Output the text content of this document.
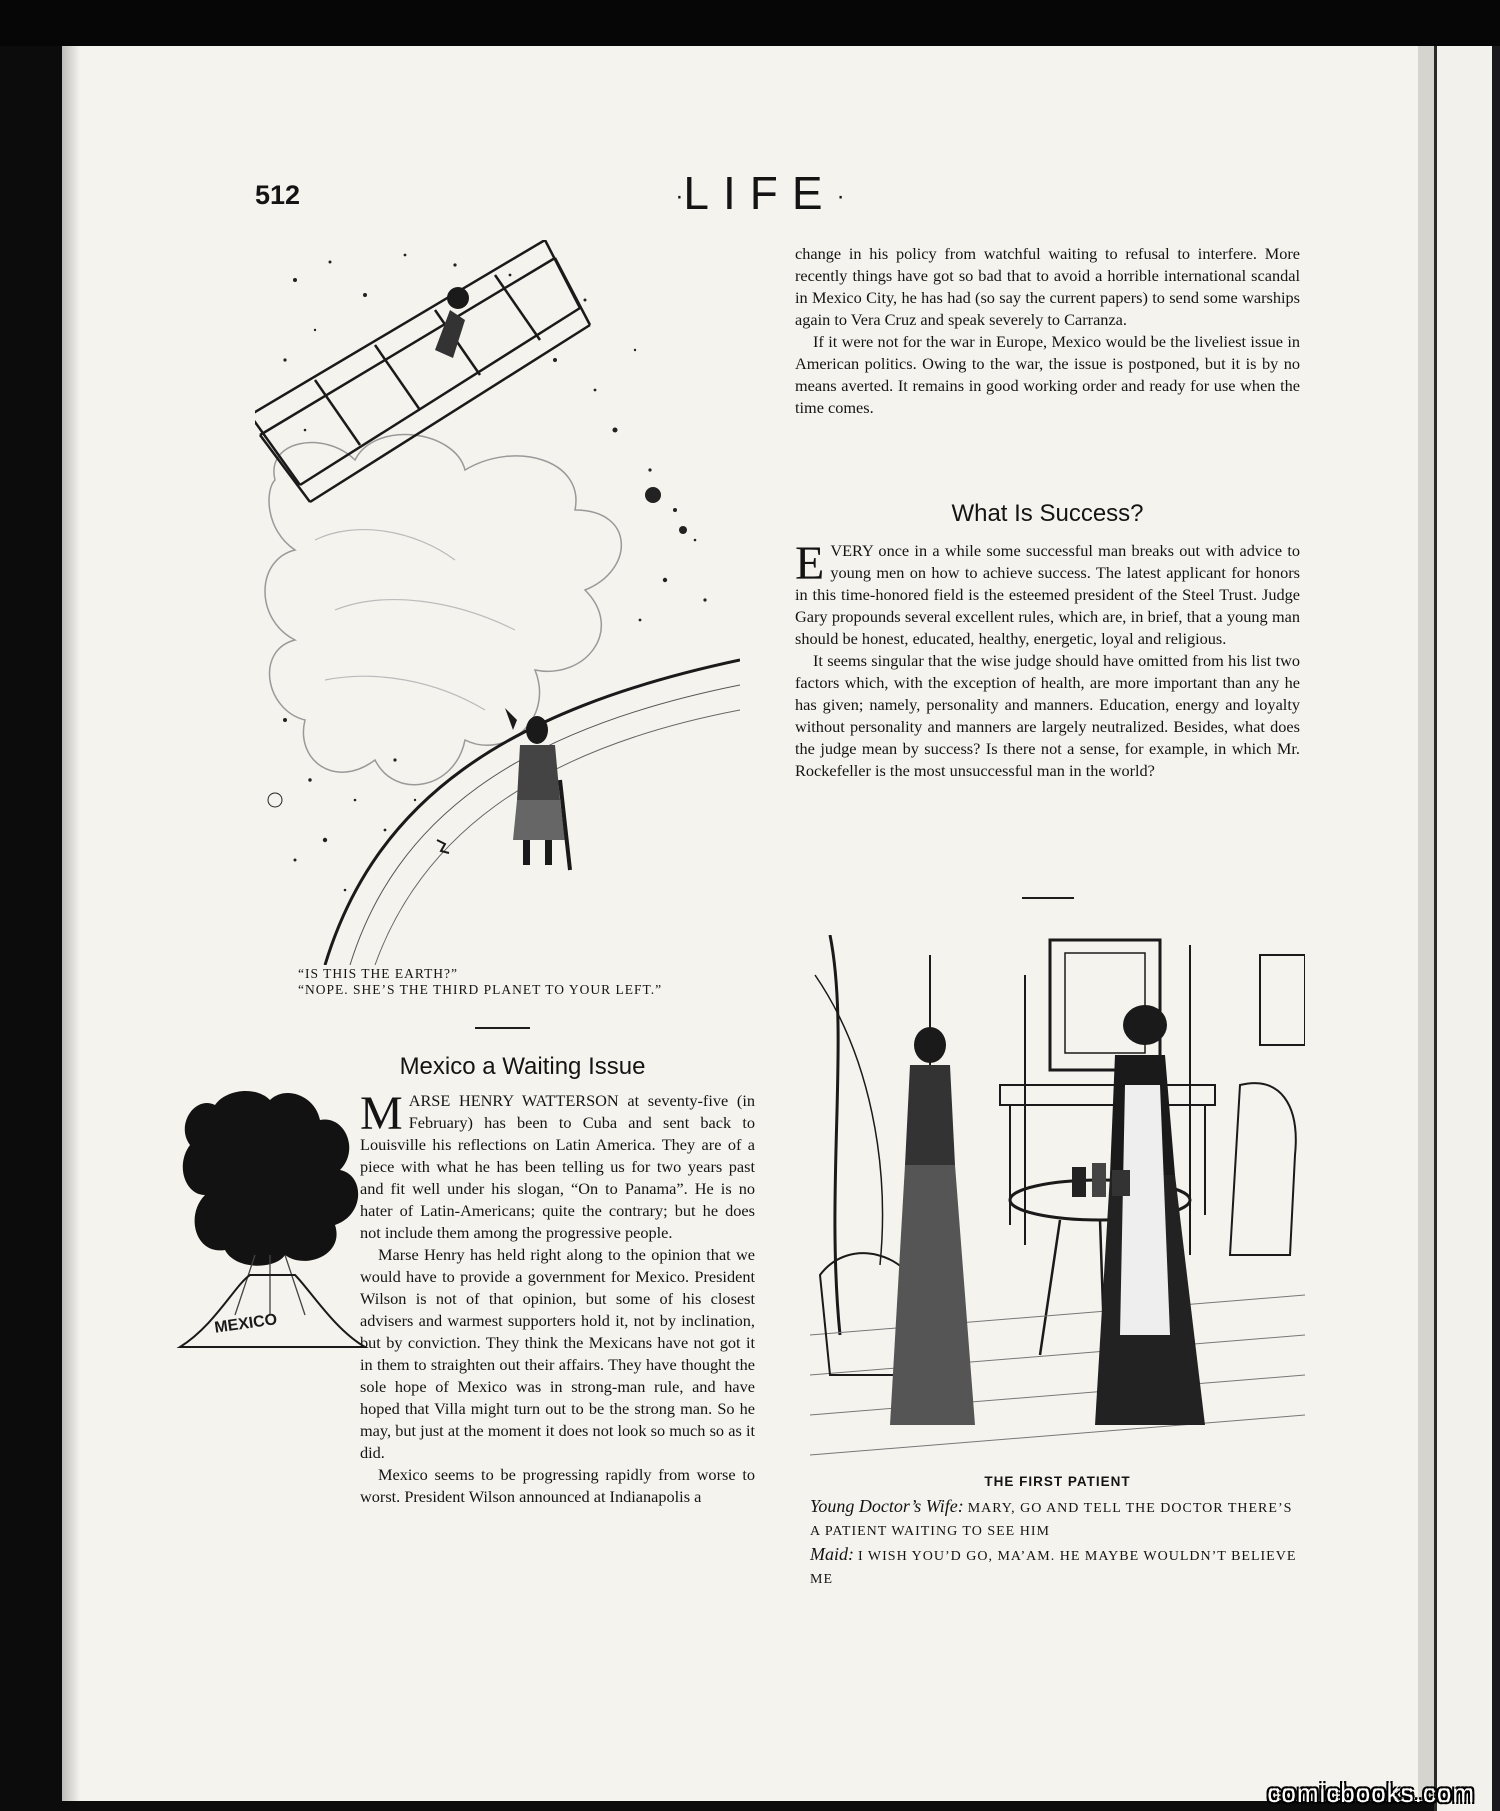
512	·LIFE·
“IS THIS THE EARTH?”
“NOPE. SHE’S THE THIRD PLANET TO YOUR LEFT.”
Mexico a Waiting Issue
MEXICO

MARSE HENRY WATTERSON at seventy-five (in February) has been to Cuba and sent back to Louisville his reflections on Latin America. They are of a piece with what he has been telling us for two years past and fit well under his slogan, “On to Panama”. He is no hater of Latin-Americans; quite the contrary; but he does not include them among the progressive people.

Marse Henry has held right along to the opinion that we would have to provide a government for Mexico. President Wilson is not of that opinion, but some of his closest advisers and warmest supporters hold it, not by inclination, but by conviction. They think the Mexicans have not got it in them to straighten out their affairs. They have thought the sole hope of Mexico was in strong-man rule, and have hoped that Villa might turn out to be the strong man. So he may, but just at the moment it does not look so much so as it did.

Mexico seems to be progressing rapidly from worse to worst. President Wilson announced at Indianapolis a

change in his policy from watchful waiting to refusal to interfere. More recently things have got so bad that to avoid a horrible international scandal in Mexico City, he has had (so say the current papers) to send some warships again to Vera Cruz and speak severely to Carranza.

If it were not for the war in Europe, Mexico would be the liveliest issue in American politics. Owing to the war, the issue is postponed, but it is by no means averted. It remains in good working order and ready for use when the time comes.

What Is Success?

EVERY once in a while some successful man breaks out with advice to young men on how to achieve success. The latest applicant for honors in this time-honored field is the esteemed president of the Steel Trust. Judge Gary propounds several excellent rules, which are, in brief, that a young man should be honest, educated, healthy, energetic, loyal and religious.

It seems singular that the wise judge should have omitted from his list two factors which, with the exception of health, are more important than any he has given; namely, personality and manners. Education, energy and loyalty without personality and manners are largely neutralized. Besides, what does the judge mean by success? Is there not a sense, for example, in which Mr. Rockefeller is the most unsuccessful man in the world?

THE FIRST PATIENT
Young Doctor’s Wife: MARY, GO AND TELL THE DOCTOR THERE’S A PATIENT WAITING TO SEE HIM
Maid: I WISH YOU’D GO, MA’AM. HE MAYBE WOULDN’T BELIEVE ME
comicbooks.com
